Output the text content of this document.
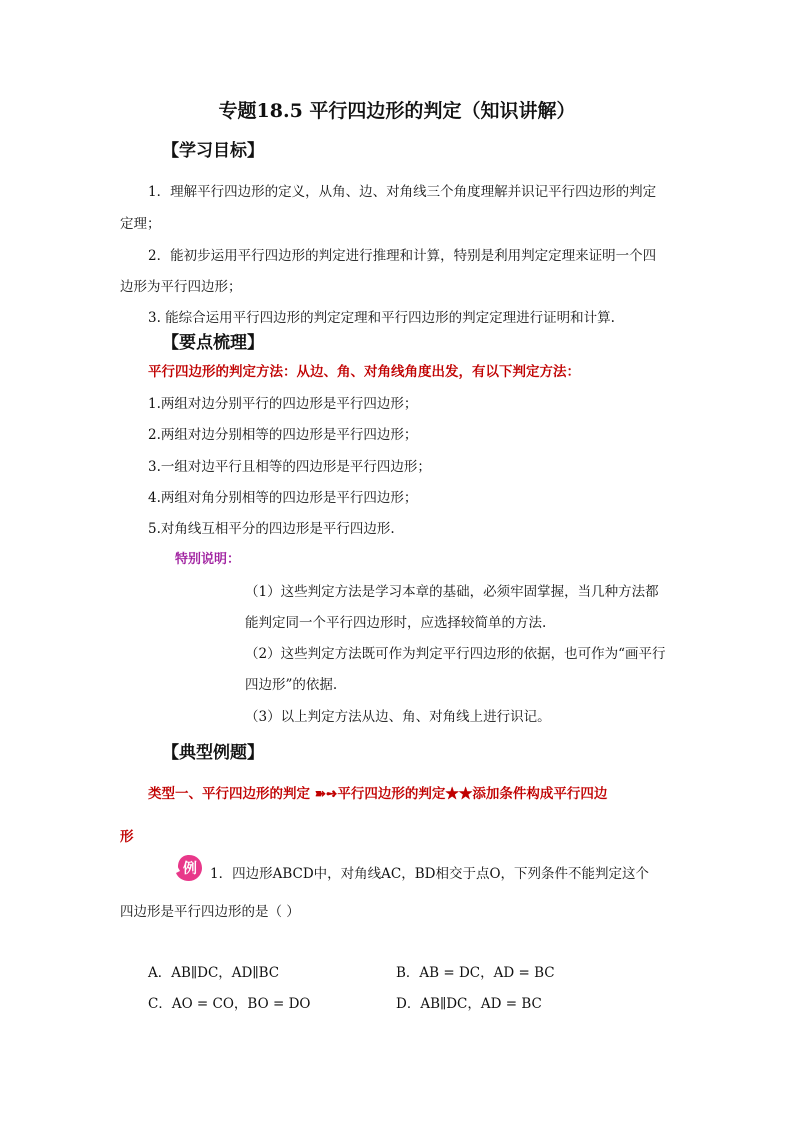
专题18.5 平行四边形的判定（知识讲解）
【学习目标】
1．理解平行四边形的定义，从角、边、对角线三个角度理解并识记平行四边形的判定
定理；
2．能初步运用平行四边形的判定进行推理和计算，特别是利用判定定理来证明一个四
边形为平行四边形；
3. 能综合运用平行四边形的判定定理和平行四边形的判定定理进行证明和计算.
【要点梳理】
平行四边形的判定方法：从边、角、对角线角度出发，有以下判定方法：
1.两组对边分别平行的四边形是平行四边形；
2.两组对边分别相等的四边形是平行四边形；
3.一组对边平行且相等的四边形是平行四边形；
4.两组对角分别相等的四边形是平行四边形；
5.对角线互相平分的四边形是平行四边形.
特别说明：
（1）这些判定方法是学习本章的基础，必须牢固掌握，当几种方法都
能判定同一个平行四边形时，应选择较简单的方法.
（2）这些判定方法既可作为判定平行四边形的依据，也可作为“画平行
四边形”的依据.
（3）以上判定方法从边、角、对角线上进行识记。
【典型例题】
类型一、平行四边形的判定 ➽➺平行四边形的判定★★添加条件构成平行四边
形
例 1．四边形ABCD中，对角线AC，BD相交于点O，下列条件不能判定这个
四边形是平行四边形的是（ ）
A．AB∥DC，AD∥BC	B．AB = DC，AD = BC
C．AO = CO，BO = DO	D．AB∥DC，AD = BC
